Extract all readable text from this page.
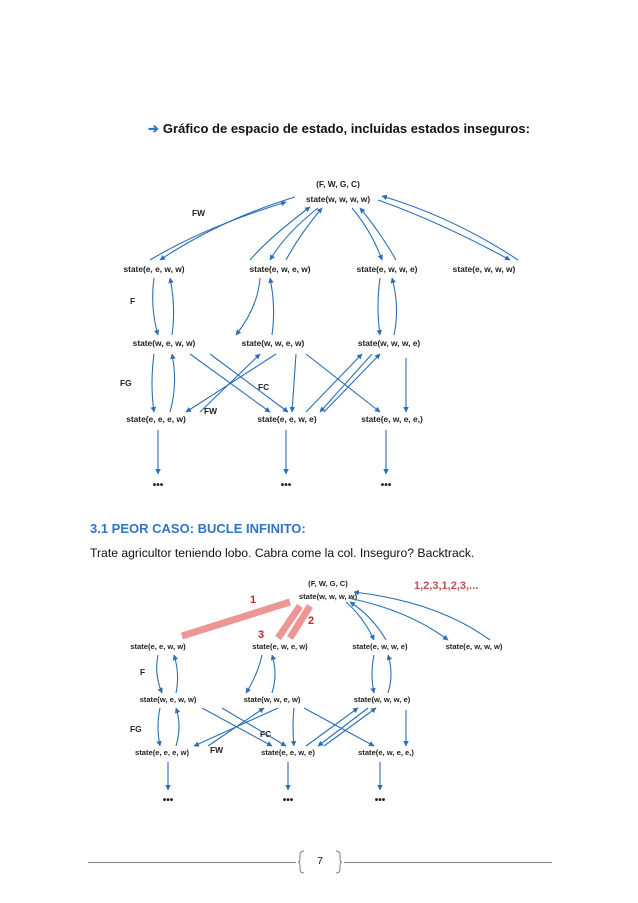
➔ Gráfico de espacio de estado, incluidas estados inseguros:
(F, W, G, C)
state(w, w, w, w)
state(e, e, w, w)	state(e, w, e, w)	state(e, w, w, e)	state(e, w, w, w)
state(w, e, w, w)	state(w, w, e, w)	state(w, w, w, e)
state(e, e, e, w)	state(e, e, w, e)	state(e, w, e, e,)
FW
F
FG	FC
FW
•••	•••	•••
3.1 PEOR CASO: BUCLE INFINITO:
Trate agricultor teniendo lobo. Cabra come la col. Inseguro? Backtrack.
(F, W, G, C)
state(w, w, w, w)
1,2,3,1,2,3,...
1
2
3
state(e, e, w, w)	state(e, w, e, w)	state(e, w, w, e)	state(e, w, w, w)
state(w, e, w, w)	state(w, w, e, w)	state(w, w, w, e)
state(e, e, e, w)	state(e, e, w, e)	state(e, w, e, e,)
F
FG	FC
FW
•••	•••	•••
7
